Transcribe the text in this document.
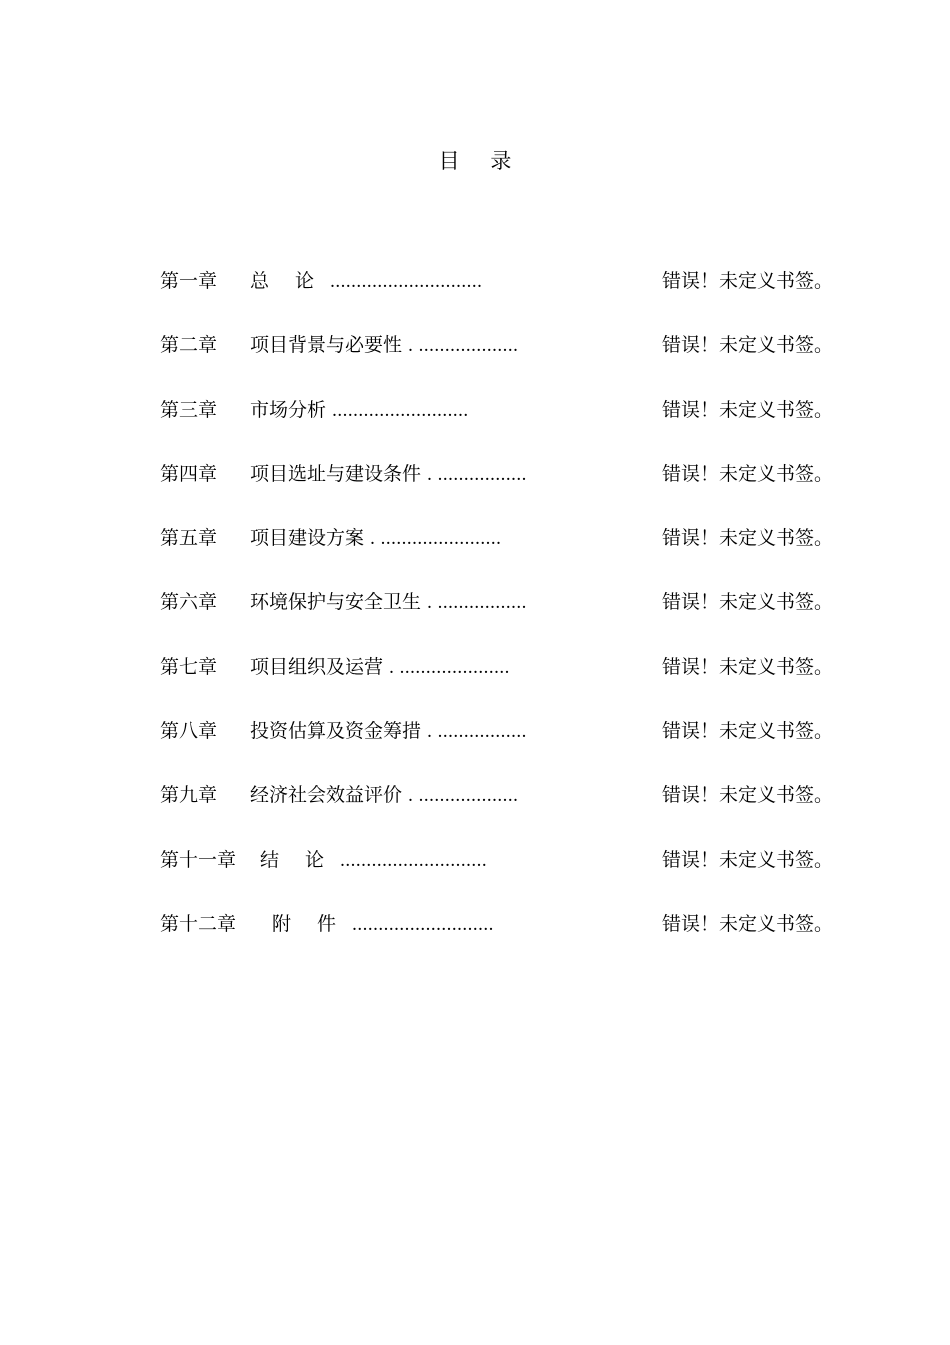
目 录
第一章 总 论 .............................	错误！未定义书签。
第二章 项目背景与必要性 . ...................	错误！未定义书签。
第三章 市场分析 ..........................	错误！未定义书签。
第四章 项目选址与建设条件 . .................	错误！未定义书签。
第五章 项目建设方案 . .......................	错误！未定义书签。
第六章 环境保护与安全卫生 . .................	错误！未定义书签。
第七章 项目组织及运营 . .....................	错误！未定义书签。
第八章 投资估算及资金筹措 . .................	错误！未定义书签。
第九章 经济社会效益评价 . ...................	错误！未定义书签。
第十一章 结 论 ............................	错误！未定义书签。
第十二章 附 件 ...........................	错误！未定义书签。
